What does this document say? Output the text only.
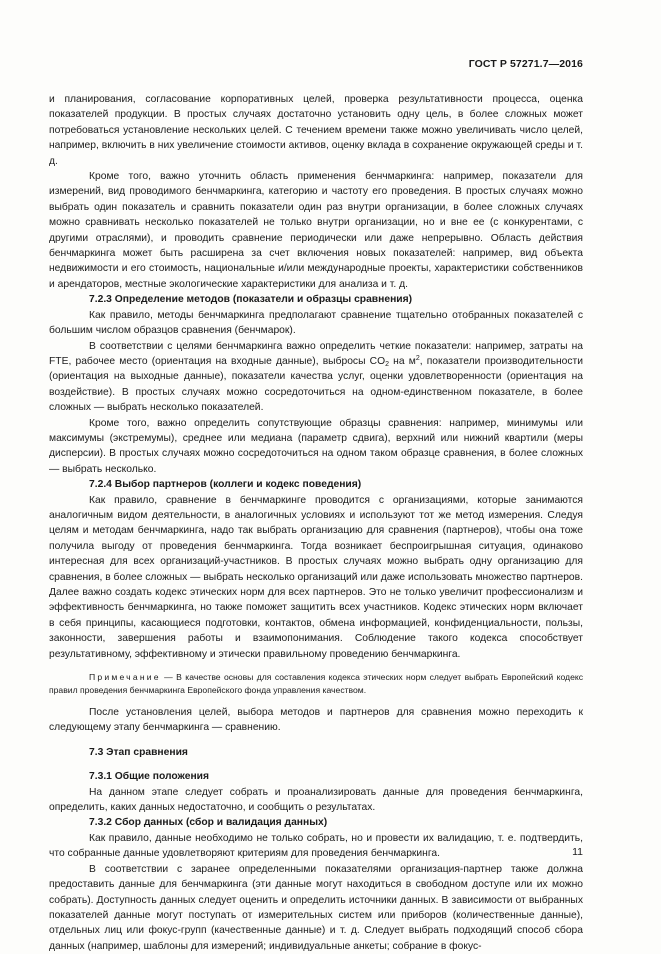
ГОСТ Р 57271.7—2016

и планирования, согласование корпоративных целей, проверка результативности процесса, оценка показателей продукции. В простых случаях достаточно установить одну цель, в более сложных может потребоваться установление нескольких целей. С течением времени также можно увеличивать число целей, например, включить в них увеличение стоимости активов, оценку вклада в сохранение окружающей среды и т. д.

Кроме того, важно уточнить область применения бенчмаркинга: например, показатели для измерений, вид проводимого бенчмаркинга, категорию и частоту его проведения. В простых случаях можно выбрать один показатель и сравнить показатели один раз внутри организации, в более сложных случаях можно сравнивать несколько показателей не только внутри организации, но и вне ее (с конкурентами, с другими отраслями), и проводить сравнение периодически или даже непрерывно. Область действия бенчмаркинга может быть расширена за счет включения новых показателей: например, вид объекта недвижимости и его стоимость, национальные и/или международные проекты, характеристики собственников и арендаторов, местные экологические характеристики для анализа и т. д.

7.2.3 Определение методов (показатели и образцы сравнения)

Как правило, методы бенчмаркинга предполагают сравнение тщательно отобранных показателей с большим числом образцов сравнения (бенчмарок).

В соответствии с целями бенчмаркинга важно определить четкие показатели: например, затраты на FTE, рабочее место (ориентация на входные данные), выбросы $CO_2$ на $м^2$, показатели производительности (ориентация на выходные данные), показатели качества услуг, оценки удовлетворенности (ориентация на воздействие). В простых случаях можно сосредоточиться на одном-единственном показателе, в более сложных — выбрать несколько показателей.

Кроме того, важно определить сопутствующие образцы сравнения: например, минимумы или максимумы (экстремумы), среднее или медиана (параметр сдвига), верхний или нижний квартили (меры дисперсии). В простых случаях можно сосредоточиться на одном таком образце сравнения, в более сложных — выбрать несколько.

7.2.4 Выбор партнеров (коллеги и кодекс поведения)

Как правило, сравнение в бенчмаркинге проводится с организациями, которые занимаются аналогичным видом деятельности, в аналогичных условиях и используют тот же метод измерения. Следуя целям и методам бенчмаркинга, надо так выбрать организацию для сравнения (партнеров), чтобы она тоже получила выгоду от проведения бенчмаркинга. Тогда возникает беспроигрышная ситуация, одинаково интересная для всех организаций-участников. В простых случаях можно выбрать одну организацию для сравнения, в более сложных — выбрать несколько организаций или даже использовать множество партнеров. Далее важно создать кодекс этических норм для всех партнеров. Это не только увеличит профессионализм и эффективность бенчмаркинга, но также поможет защитить всех участников. Кодекс этических норм включает в себя принципы, касающиеся подготовки, контактов, обмена информацией, конфиденциальности, пользы, законности, завершения работы и взаимопонимания. Соблюдение такого кодекса способствует результативному, эффективному и этически правильному проведению бенчмаркинга.

Примечание — В качестве основы для составления кодекса этических норм следует выбрать Европейский кодекс правил проведения бенчмаркинга Европейского фонда управления качеством.

После установления целей, выбора методов и партнеров для сравнения можно переходить к следующему этапу бенчмаркинга — сравнению.

7.3 Этап сравнения

7.3.1 Общие положения

На данном этапе следует собрать и проанализировать данные для проведения бенчмаркинга, определить, каких данных недостаточно, и сообщить о результатах.

7.3.2 Сбор данных (сбор и валидация данных)

Как правило, данные необходимо не только собрать, но и провести их валидацию, т. е. подтвердить, что собранные данные удовлетворяют критериям для проведения бенчмаркинга.

В соответствии с заранее определенными показателями организация-партнер также должна предоставить данные для бенчмаркинга (эти данные могут находиться в свободном доступе или их можно собрать). Доступность данных следует оценить и определить источники данных. В зависимости от выбранных показателей данные могут поступать от измерительных систем или приборов (количественные данные), отдельных лиц или фокус-групп (качественные данные) и т. д. Следует выбрать подходящий способ сбора данных (например, шаблоны для измерений; индивидуальные анкеты; собрание в фокус-

11
